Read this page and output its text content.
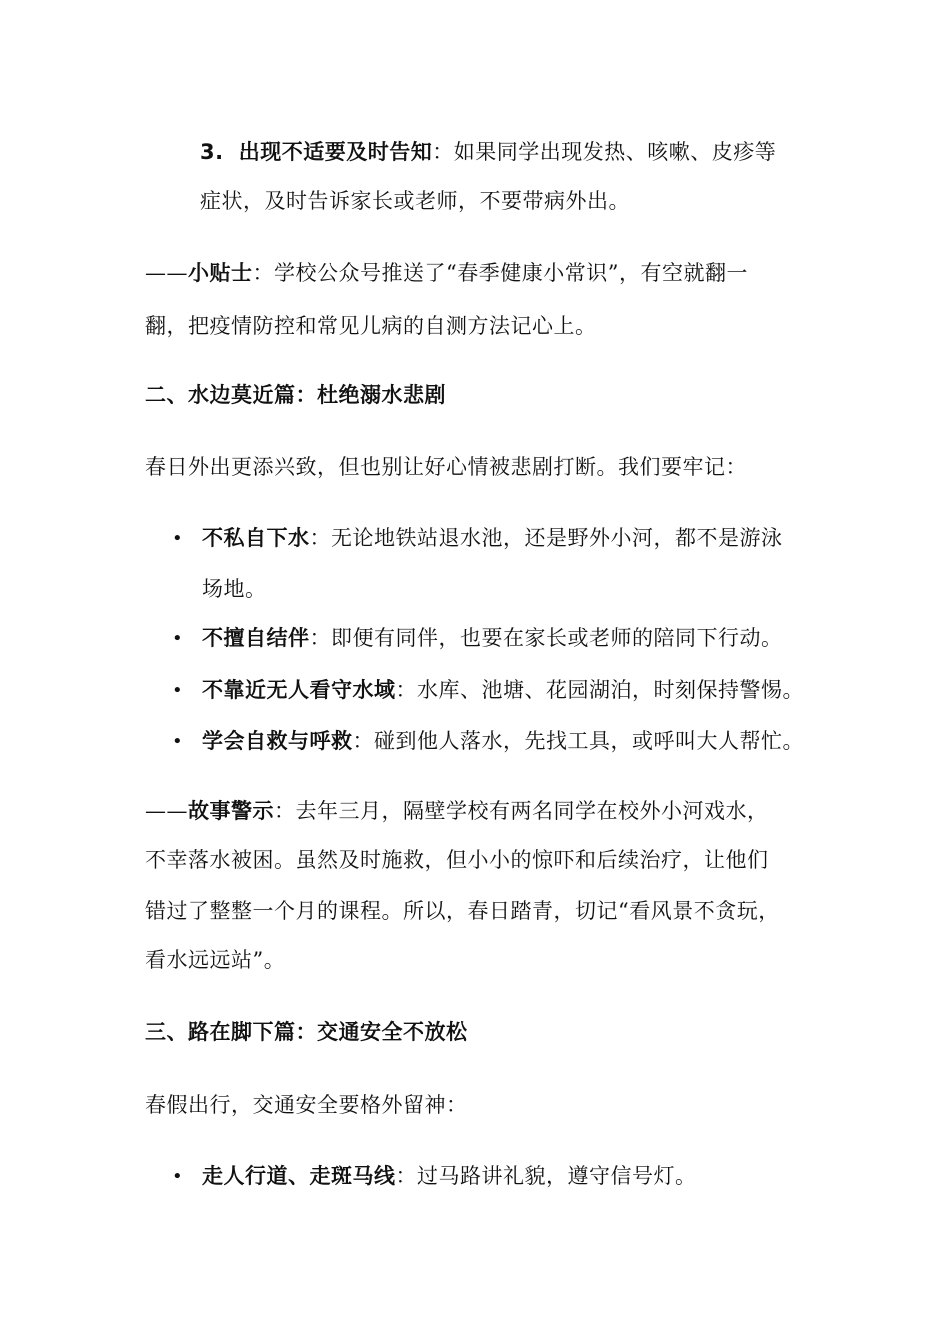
3. 出现不适要及时告知：如果同学出现发热、咳嗽、皮疹等
症状，及时告诉家长或老师，不要带病外出。
——小贴士：学校公众号推送了“春季健康小常识”，有空就翻一
翻，把疫情防控和常见儿病的自测方法记心上。
二、水边莫近篇：杜绝溺水悲剧
春日外出更添兴致，但也别让好心情被悲剧打断。我们要牢记：
• 不私自下水：无论地铁站退水池，还是野外小河，都不是游泳
场地。
• 不擅自结伴：即便有同伴，也要在家长或老师的陪同下行动。
• 不靠近无人看守水域：水库、池塘、花园湖泊，时刻保持警惕。
• 学会自救与呼救：碰到他人落水，先找工具，或呼叫大人帮忙。
——故事警示：去年三月，隔壁学校有两名同学在校外小河戏水，
不幸落水被困。虽然及时施救，但小小的惊吓和后续治疗，让他们
错过了整整一个月的课程。所以，春日踏青，切记“看风景不贪玩，
看水远远站”。
三、路在脚下篇：交通安全不放松
春假出行，交通安全要格外留神：
• 走人行道、走斑马线：过马路讲礼貌，遵守信号灯。
